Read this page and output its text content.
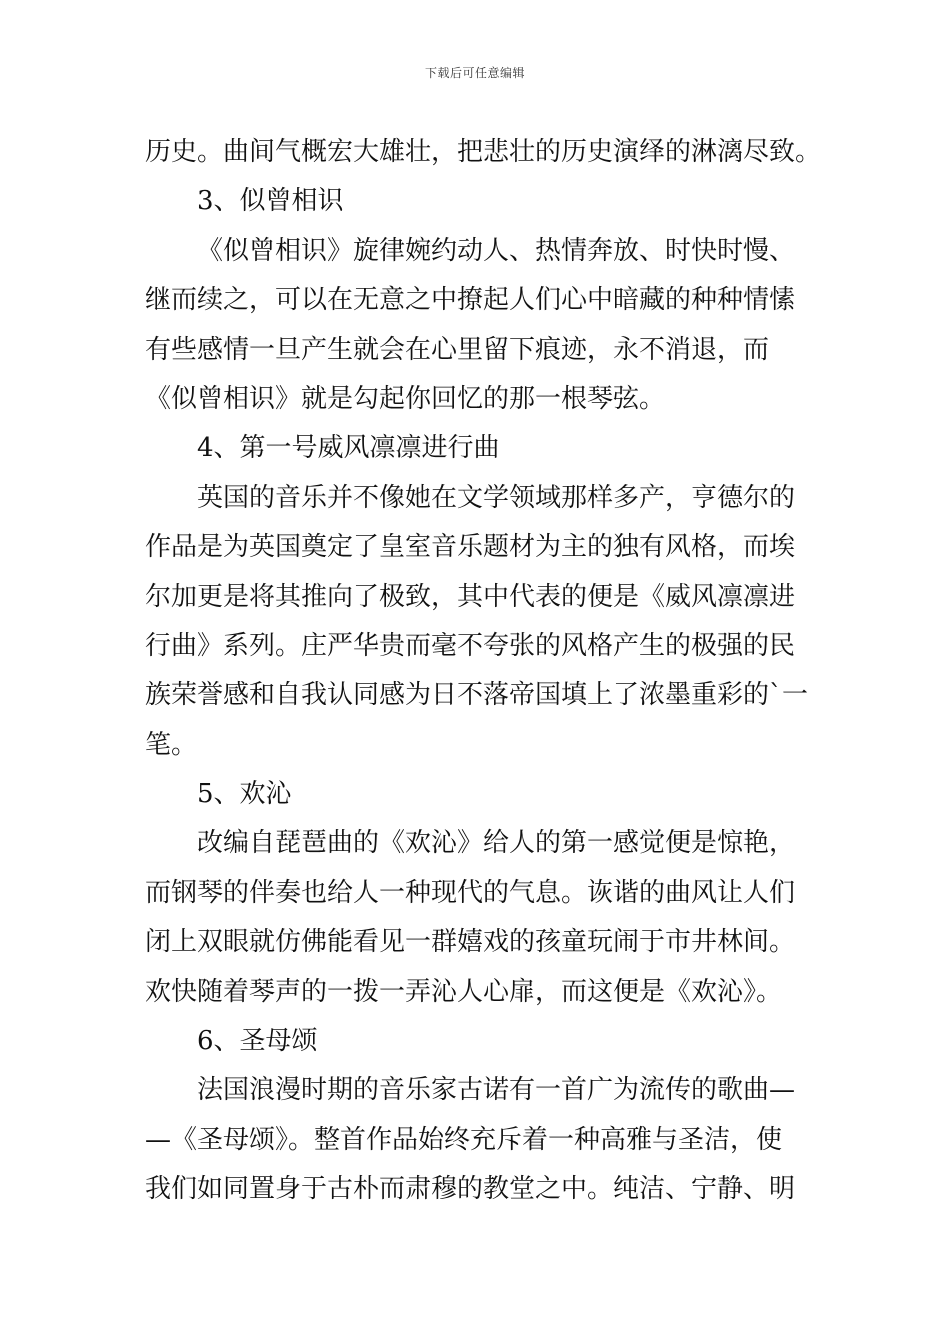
下载后可任意编辑
历史。曲间气概宏大雄壮，把悲壮的历史演绎的淋漓尽致。
3、似曾相识
《似曾相识》旋律婉约动人、热情奔放、时快时慢、
继而续之，可以在无意之中撩起人们心中暗藏的种种情愫
有些感情一旦产生就会在心里留下痕迹，永不消退，而
《似曾相识》就是勾起你回忆的那一根琴弦。
4、第一号威风凛凛进行曲
英国的音乐并不像她在文学领域那样多产，亨德尔的
作品是为英国奠定了皇室音乐题材为主的独有风格，而埃
尔加更是将其推向了极致，其中代表的便是《威风凛凛进
行曲》系列。庄严华贵而毫不夸张的风格产生的极强的民
族荣誉感和自我认同感为日不落帝国填上了浓墨重彩的`一
笔。
5、欢沁
改编自琵琶曲的《欢沁》给人的第一感觉便是惊艳，
而钢琴的伴奏也给人一种现代的气息。诙谐的曲风让人们
闭上双眼就仿佛能看见一群嬉戏的孩童玩闹于市井林间。
欢快随着琴声的一拨一弄沁人心扉，而这便是《欢沁》。
6、圣母颂
法国浪漫时期的音乐家古诺有一首广为流传的歌曲—
—《圣母颂》。整首作品始终充斥着一种高雅与圣洁，使
我们如同置身于古朴而肃穆的教堂之中。纯洁、宁静、明
